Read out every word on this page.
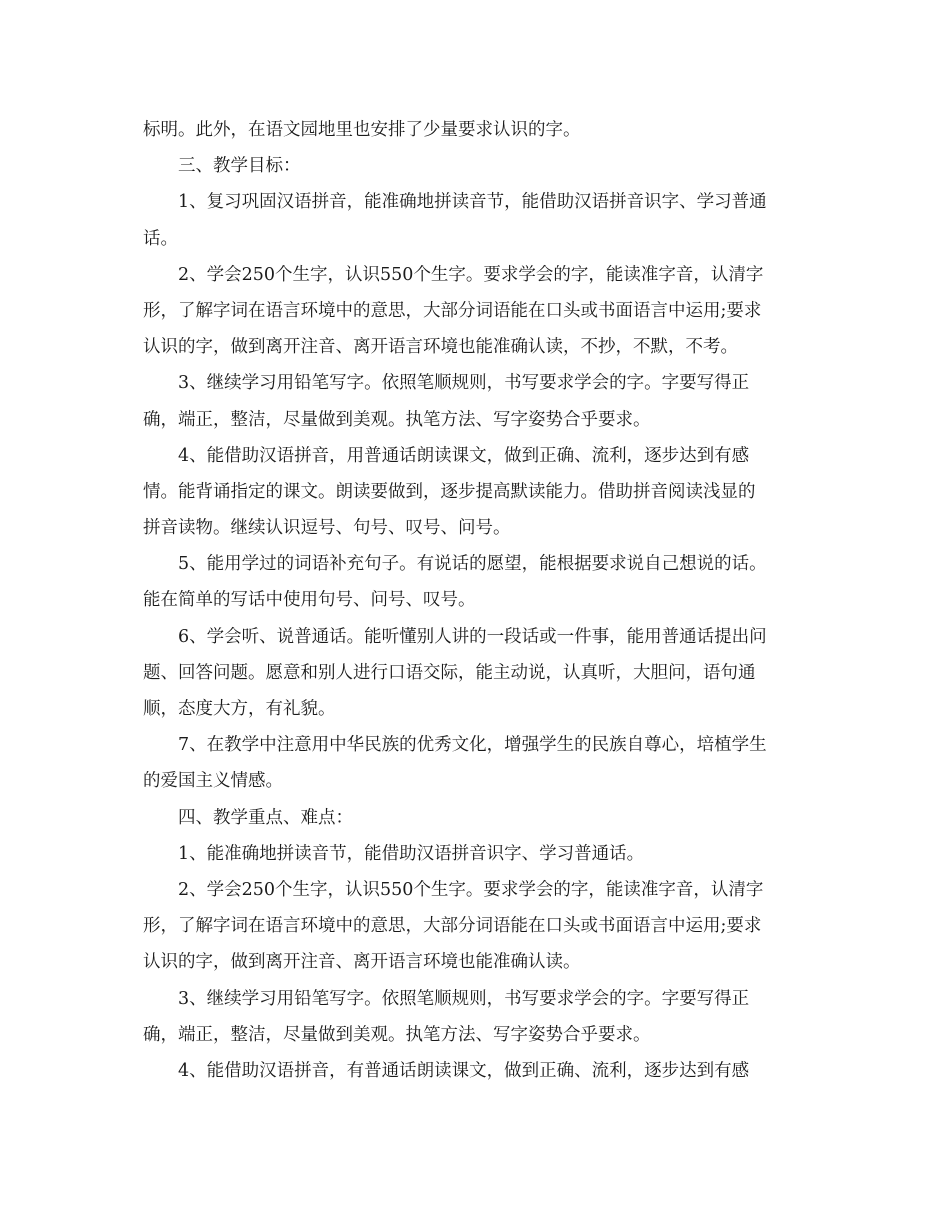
标明。此外，在语文园地里也安排了少量要求认识的字。
三、教学目标：
1、复习巩固汉语拼音，能准确地拼读音节，能借助汉语拼音识字、学习普通
话。
2、学会250个生字，认识550个生字。要求学会的字，能读准字音，认清字
形，了解字词在语言环境中的意思，大部分词语能在口头或书面语言中运用;要求
认识的字，做到离开注音、离开语言环境也能准确认读，不抄，不默，不考。
3、继续学习用铅笔写字。依照笔顺规则，书写要求学会的字。字要写得正
确，端正，整洁，尽量做到美观。执笔方法、写字姿势合乎要求。
4、能借助汉语拼音，用普通话朗读课文，做到正确、流利，逐步达到有感
情。能背诵指定的课文。朗读要做到，逐步提高默读能力。借助拼音阅读浅显的
拼音读物。继续认识逗号、句号、叹号、问号。
5、能用学过的词语补充句子。有说话的愿望，能根据要求说自己想说的话。
能在简单的写话中使用句号、问号、叹号。
6、学会听、说普通话。能听懂别人讲的一段话或一件事，能用普通话提出问
题、回答问题。愿意和别人进行口语交际，能主动说，认真听，大胆问，语句通
顺，态度大方，有礼貌。
7、在教学中注意用中华民族的优秀文化，增强学生的民族自尊心，培植学生
的爱国主义情感。
四、教学重点、难点：
1、能准确地拼读音节，能借助汉语拼音识字、学习普通话。
2、学会250个生字，认识550个生字。要求学会的字，能读准字音，认清字
形，了解字词在语言环境中的意思，大部分词语能在口头或书面语言中运用;要求
认识的字，做到离开注音、离开语言环境也能准确认读。
3、继续学习用铅笔写字。依照笔顺规则，书写要求学会的字。字要写得正
确，端正，整洁，尽量做到美观。执笔方法、写字姿势合乎要求。
4、能借助汉语拼音，有普通话朗读课文，做到正确、流利，逐步达到有感
